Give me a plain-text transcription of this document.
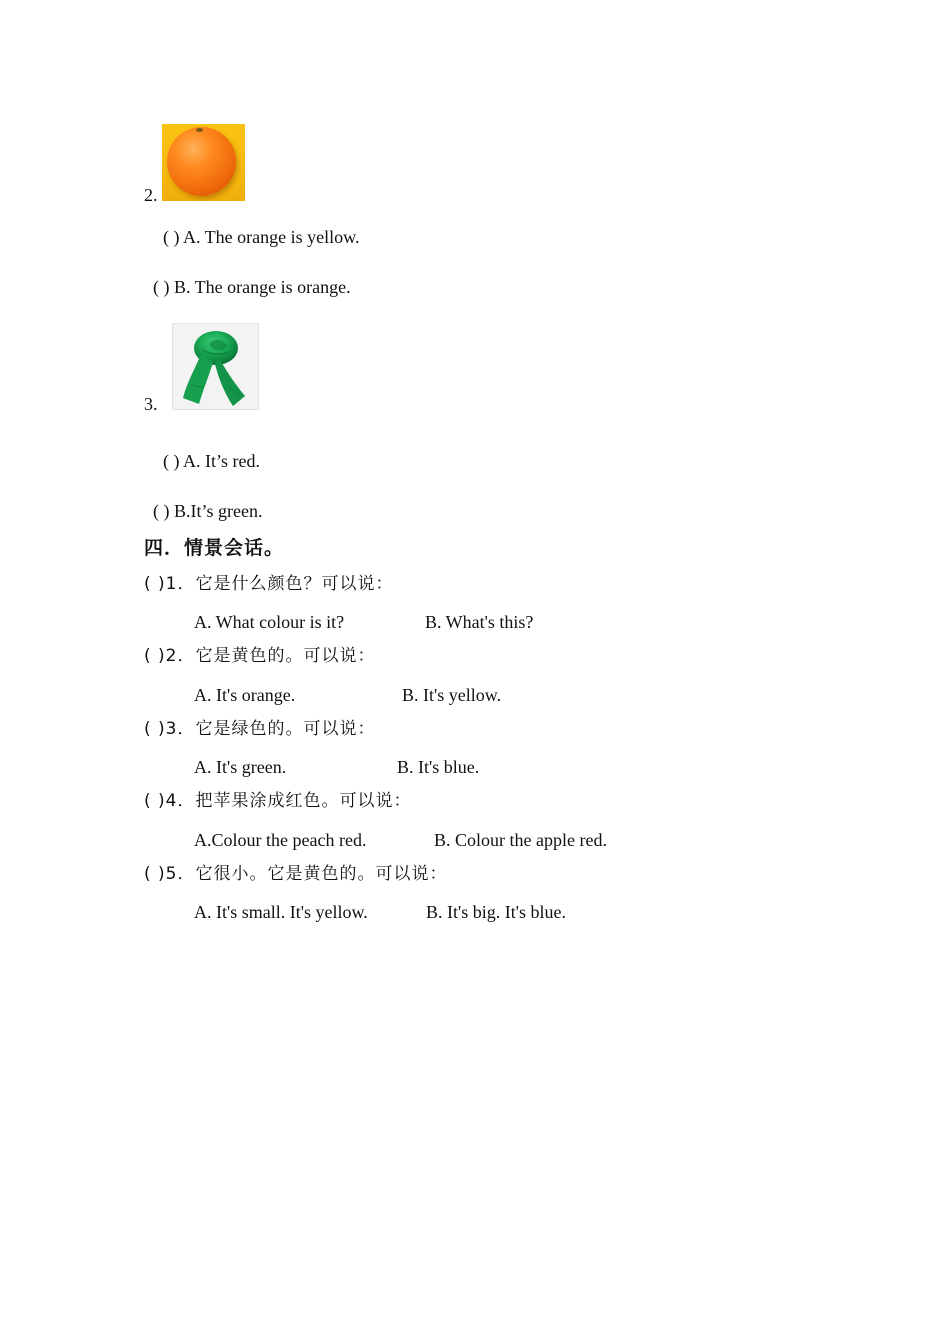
2.
( ) A. The orange is yellow.
( ) B. The orange is orange.
3.
( ) A. It’s red.
( ) B.It’s green.
四．情景会话。
( )1．它是什么颜色？可以说：
A. What colour is it?	B. What's this?
( )2．它是黄色的。可以说：
A. It's orange.	B. It's yellow.
( )3．它是绿色的。可以说：
A. It's green.	B. It's blue.
( )4．把苹果涂成红色。可以说：
A.Colour the peach red.	B. Colour the apple red.
( )5．它很小。它是黄色的。可以说：
A. It's small. It's yellow.	B. It's big. It's blue.
